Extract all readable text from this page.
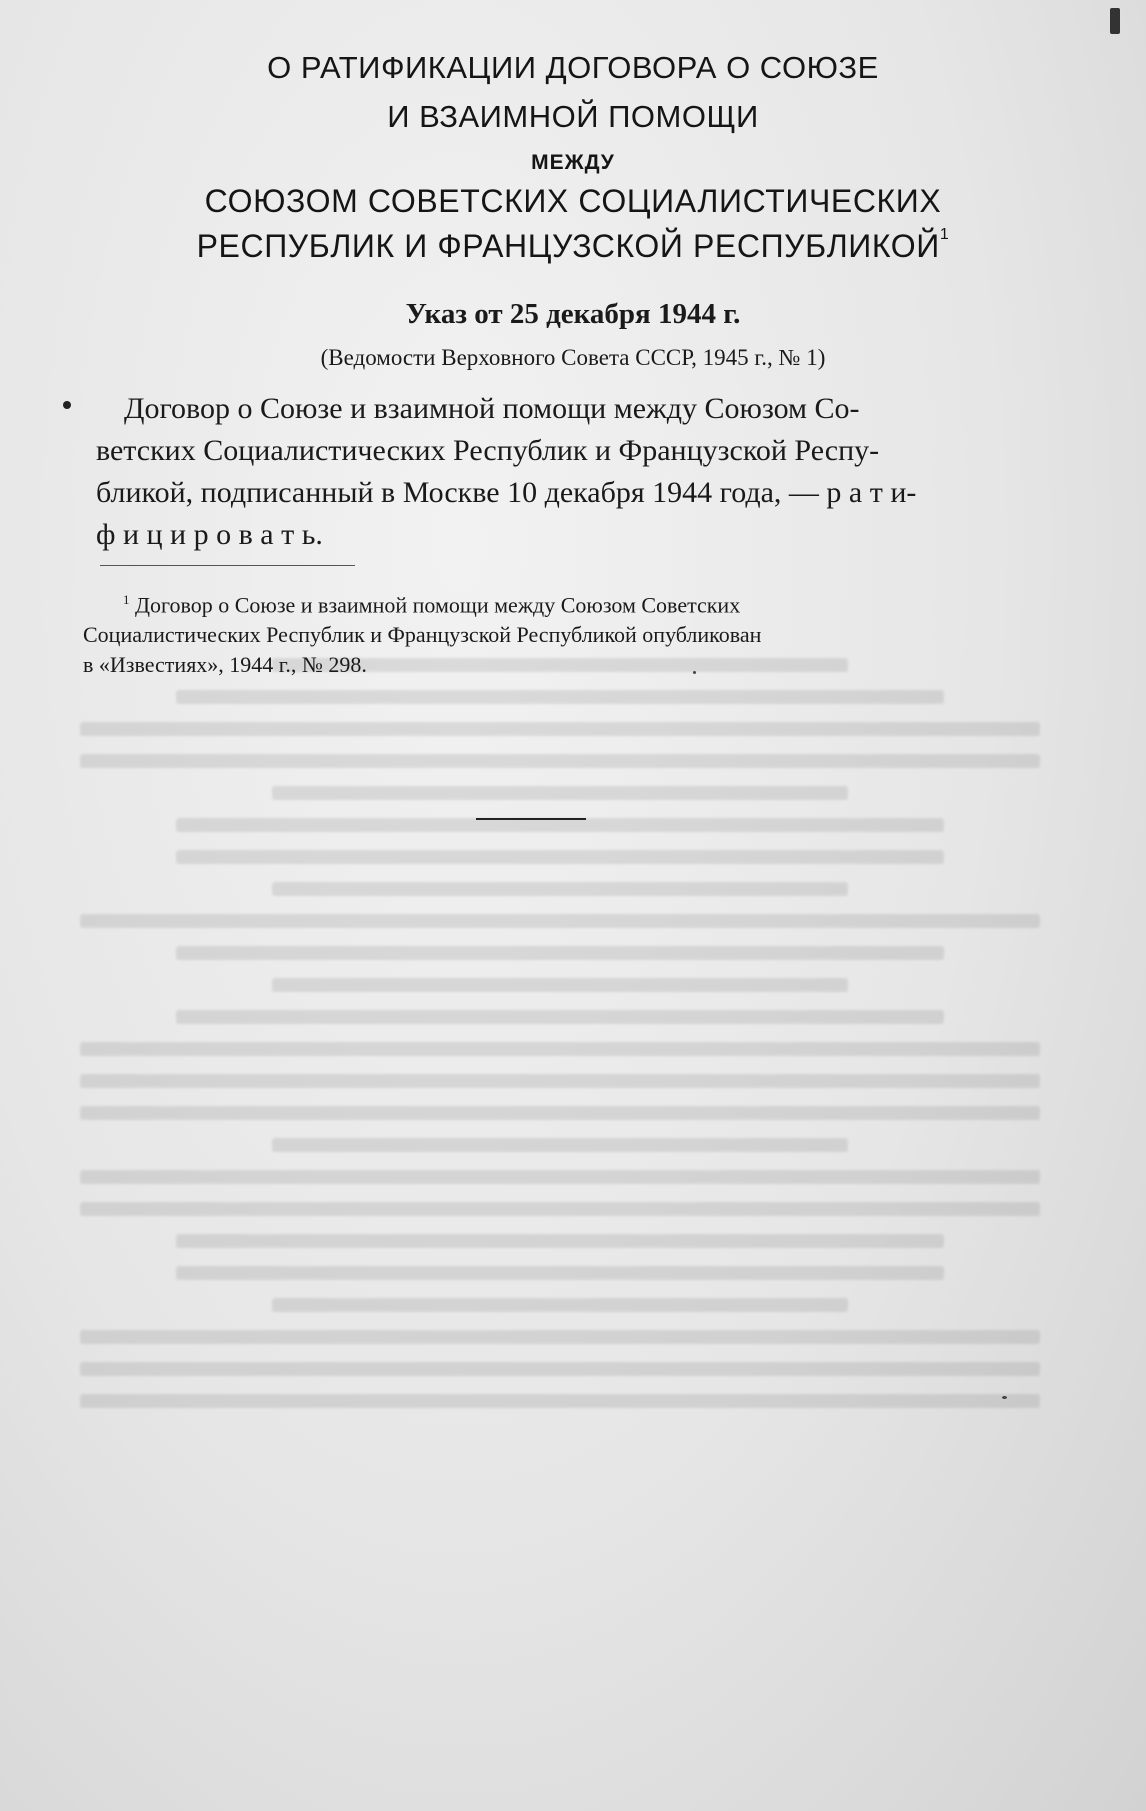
О РАТИФИКАЦИИ ДОГОВОРА О СОЮЗЕ
И ВЗАИМНОЙ ПОМОЩИ
МЕЖДУ
СОЮЗОМ СОВЕТСКИХ СОЦИАЛИСТИЧЕСКИХ
РЕСПУБЛИК И ФРАНЦУЗСКОЙ РЕСПУБЛИКОЙ$^1$
Указ от 25 декабря 1944 г.
(Ведомости Верховного Совета СССР, 1945 г., № 1)
Договор о Союзе и взаимной помощи между Союзом Со-
ветских Социалистических Республик и Французской Респу-
бликой, подписанный в Москве 10 декабря 1944 года, — р а т и-
ф и ц и р о в а т ь.
$^1$ Договор о Союзе и взаимной помощи между Союзом Советских
Социалистических Республик и Французской Республикой опубликован
в «Известиях», 1944 г., № 298.
